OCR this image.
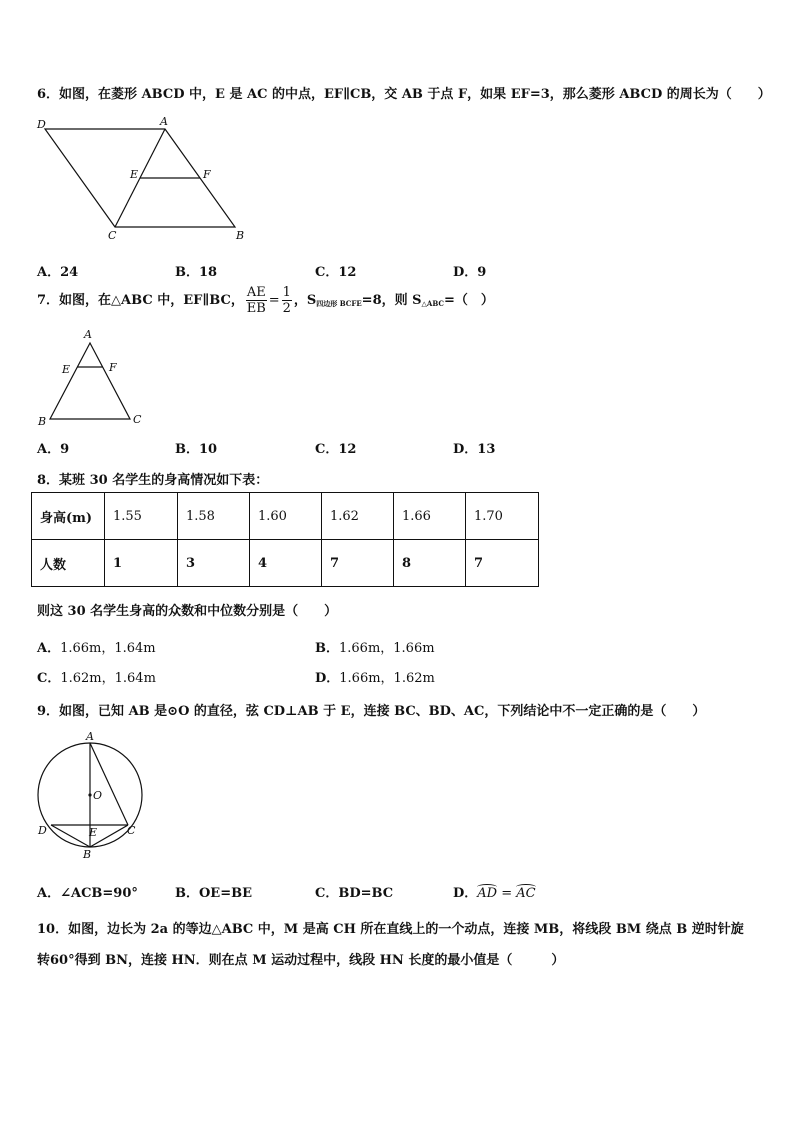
6．如图，在菱形 ABCD 中，E 是 AC 的中点，EF∥CB，交 AB 于点 F，如果 EF=3，那么菱形 ABCD 的周长为（　　）
D	A
E	F
C	B
A．24	B．18	C．12	D．9
7．如图，在△ABC 中，EF∥BC， $\frac{AE}{EB} = \frac{1}{2}$ ，$S_{四边形 BCFE}=8$，则 $S_{\triangle ABC}=$（　）
A
E	F
B	C
A．9	B．10	C．12	D．13
8．某班 30 名学生的身高情况如下表：
身高(m)	1.55	1.58	1.60	1.62	1.66	1.70
人数	1	3	4	7	8	7
则这 30 名学生身高的众数和中位数分别是（　　）
A．1.66m，1.64m	B．1.66m，1.66m
C．1.62m，1.64m	D．1.66m，1.62m
9．如图，已知 AB 是⊙O 的直径，弦 CD⊥AB 于 E，连接 BC、BD、AC，下列结论中不一定正确的是（　　）
A
O
D	E	C
B
A．∠ACB=90°	B．OE=BE	C．BD=BC	D．AD = AC
10．如图，边长为 2a 的等边△ABC 中，M 是高 CH 所在直线上的一个动点，连接 MB，将线段 BM 绕点 B 逆时针旋
转60°得到 BN，连接 HN．则在点 M 运动过程中，线段 HN 长度的最小值是（　　　）
